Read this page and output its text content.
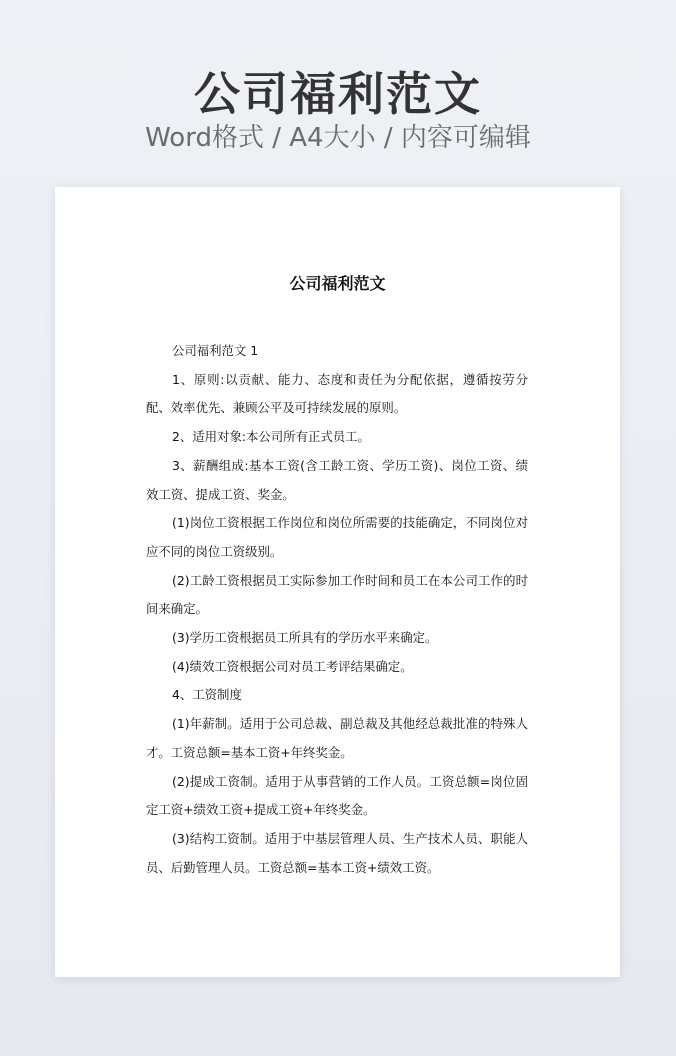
公司福利范文
Word格式 / A4大小 / 内容可编辑
公司福利范文

公司福利范文 1

1、原则:以贡献、能力、态度和责任为分配依据，遵循按劳分配、效率优先、兼顾公平及可持续发展的原则。

2、适用对象:本公司所有正式员工。

3、薪酬组成:基本工资(含工龄工资、学历工资)、岗位工资、绩效工资、提成工资、奖金。

(1)岗位工资根据工作岗位和岗位所需要的技能确定，不同岗位对应不同的岗位工资级别。

(2)工龄工资根据员工实际参加工作时间和员工在本公司工作的时间来确定。

(3)学历工资根据员工所具有的学历水平来确定。

(4)绩效工资根据公司对员工考评结果确定。

4、工资制度

(1)年薪制。适用于公司总裁、副总裁及其他经总裁批准的特殊人才。工资总额=基本工资+年终奖金。

(2)提成工资制。适用于从事营销的工作人员。工资总额=岗位固定工资+绩效工资+提成工资+年终奖金。

(3)结构工资制。适用于中基层管理人员、生产技术人员、职能人员、后勤管理人员。工资总额=基本工资+绩效工资。
